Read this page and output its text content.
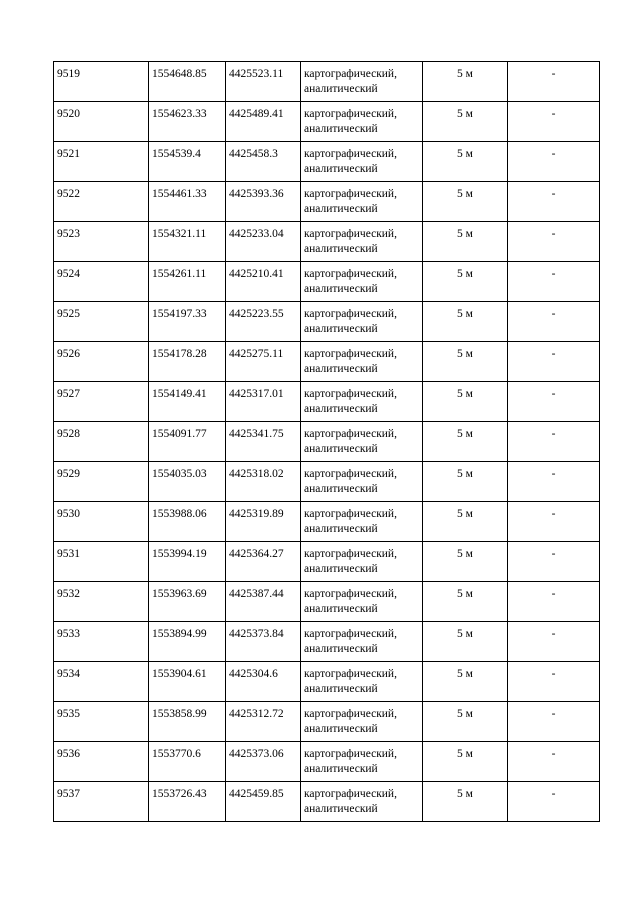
9519	1554648.85	4425523.11	картографический,
аналитический	5 м	-
9520	1554623.33	4425489.41	картографический,
аналитический	5 м	-
9521	1554539.4	4425458.3	картографический,
аналитический	5 м	-
9522	1554461.33	4425393.36	картографический,
аналитический	5 м	-
9523	1554321.11	4425233.04	картографический,
аналитический	5 м	-
9524	1554261.11	4425210.41	картографический,
аналитический	5 м	-
9525	1554197.33	4425223.55	картографический,
аналитический	5 м	-
9526	1554178.28	4425275.11	картографический,
аналитический	5 м	-
9527	1554149.41	4425317.01	картографический,
аналитический	5 м	-
9528	1554091.77	4425341.75	картографический,
аналитический	5 м	-
9529	1554035.03	4425318.02	картографический,
аналитический	5 м	-
9530	1553988.06	4425319.89	картографический,
аналитический	5 м	-
9531	1553994.19	4425364.27	картографический,
аналитический	5 м	-
9532	1553963.69	4425387.44	картографический,
аналитический	5 м	-
9533	1553894.99	4425373.84	картографический,
аналитический	5 м	-
9534	1553904.61	4425304.6	картографический,
аналитический	5 м	-
9535	1553858.99	4425312.72	картографический,
аналитический	5 м	-
9536	1553770.6	4425373.06	картографический,
аналитический	5 м	-
9537	1553726.43	4425459.85	картографический,
аналитический	5 м	-
